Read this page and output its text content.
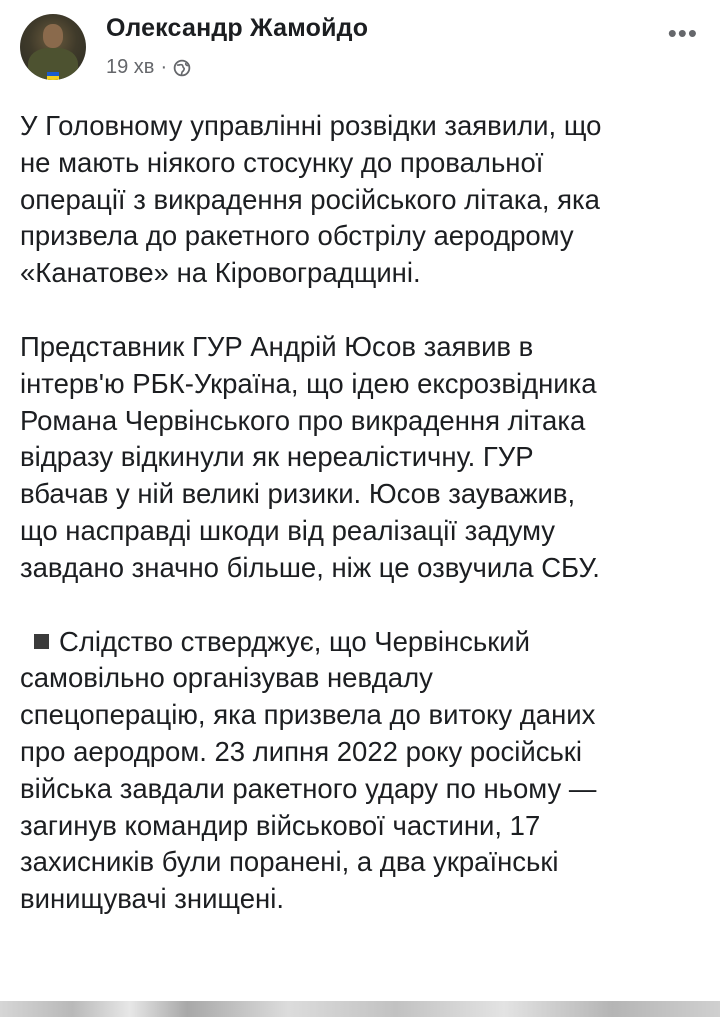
Олександр Жамойдо
19 хв ·
•••

У Головному управлінні розвідки заявили, що
не мають ніякого стосунку до провальної
операції з викрадення російського літака, яка
призвела до ракетного обстрілу аеродрому
«Канатове» на Кіровоградщині.

Представник ГУР Андрій Юсов заявив в
інтерв'ю РБК-Україна, що ідею ексрозвідника
Романа Червінського про викрадення літака
відразу відкинули як нереалістичну. ГУР
вбачав у ній великі ризики. Юсов зауважив,
що насправді шкоди від реалізації задуму
завдано значно більше, ніж це озвучила СБУ.

Слідство стверджує, що Червінський
самовільно організував невдалу
спецоперацію, яка призвела до витоку даних
про аеродром. 23 липня 2022 року російські
війська завдали ракетного удару по ньому —
загинув командир військової частини, 17
захисників були поранені, а два українські
винищувачі знищені.
